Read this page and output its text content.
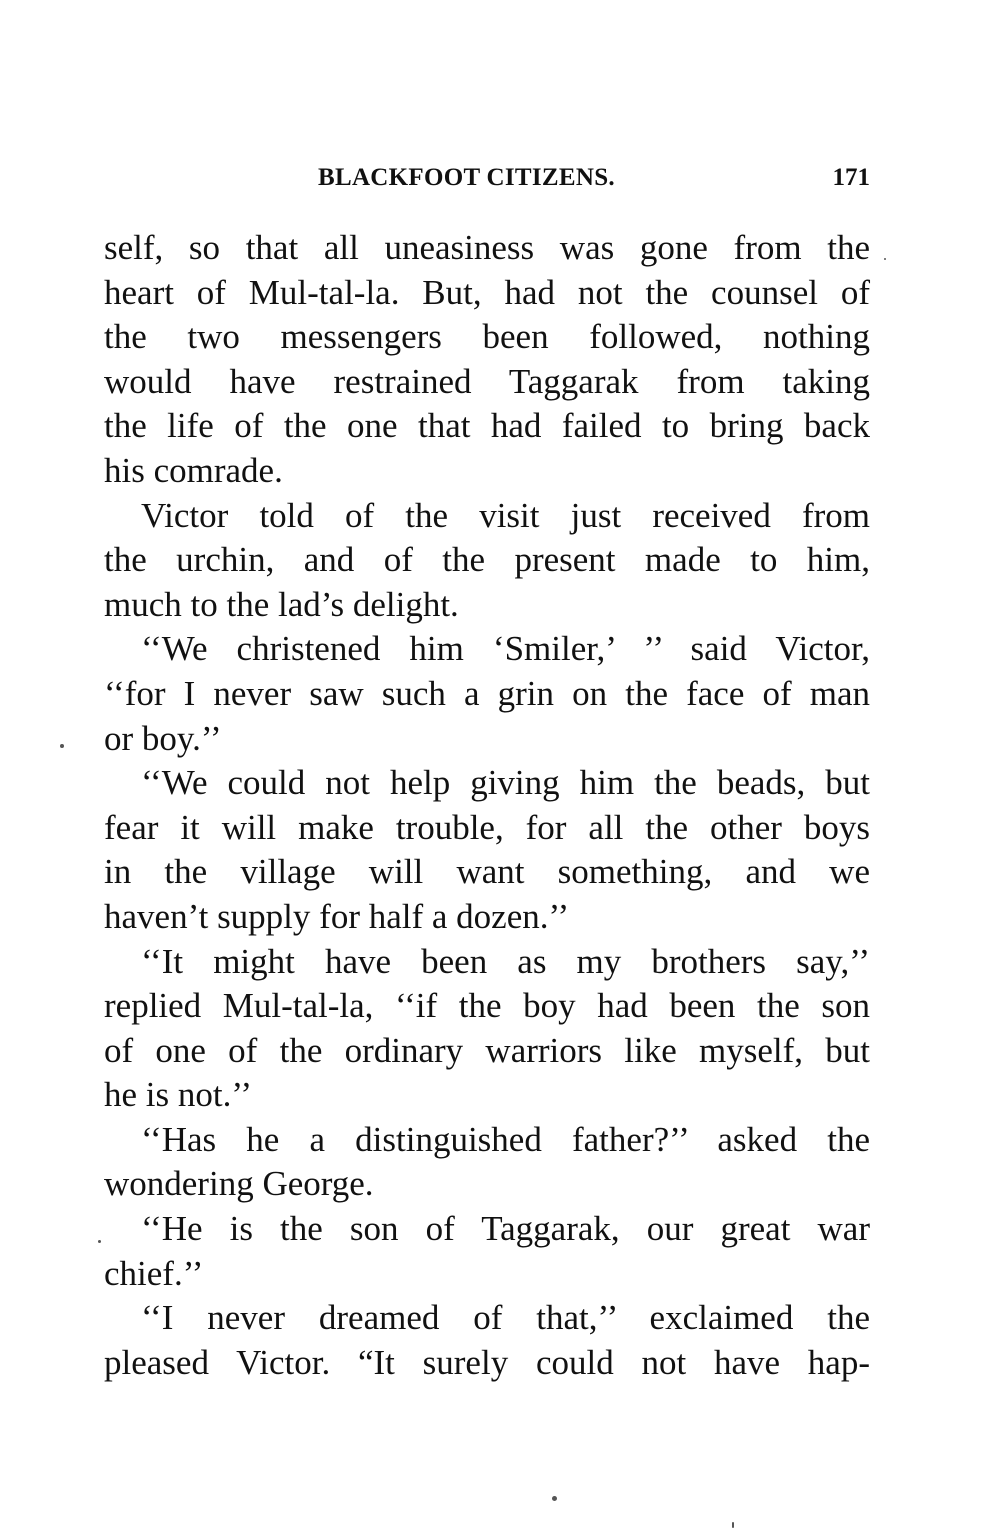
BLACKFOOT CITIZENS.	171
self, so that all uneasiness was gone from the
heart of Mul-tal-la. But, had not the counsel of
the two messengers been followed, nothing
would have restrained Taggarak from taking
the life of the one that had failed to bring back
his comrade.
Victor told of the visit just received from
the urchin, and of the present made to him,
much to the lad’s delight.
‘‘We christened him ‘Smiler,’ ’’ said Victor,
‘‘for I never saw such a grin on the face of man
or boy.’’
‘‘We could not help giving him the beads, but
fear it will make trouble, for all the other boys
in the village will want something, and we
haven’t supply for half a dozen.’’
‘‘It might have been as my brothers say,’’
replied Mul-tal-la, ‘‘if the boy had been the son
of one of the ordinary warriors like myself, but
he is not.’’
‘‘Has he a distinguished father?’’ asked the
wondering George.
‘‘He is the son of Taggarak, our great war
chief.’’
‘‘I never dreamed of that,’’ exclaimed the
pleased Victor. “It surely could not have hap-
